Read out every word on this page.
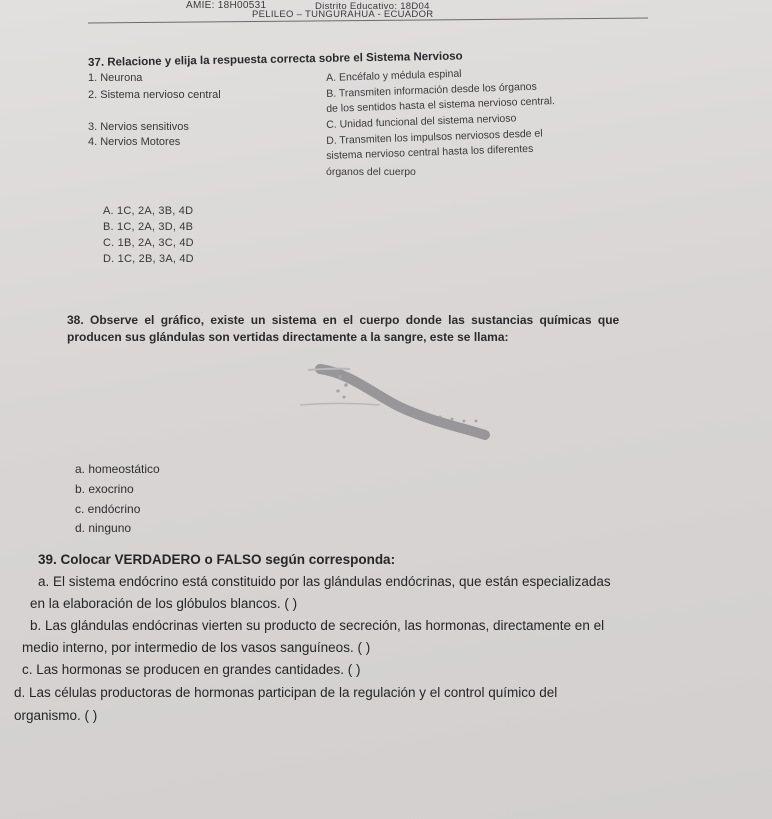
AMIE: 18H00531	Distrito Educativo: 18D04
PELILEO – TUNGURAHUA - ECUADOR
37. Relacione y elija la respuesta correcta sobre el Sistema Nervioso
1. Neurona
2. Sistema nervioso central
3. Nervios sensitivos
4. Nervios Motores
A. Encéfalo y médula espinal
B. Transmiten información desde los órganos
de los sentidos hasta el sistema nervioso central.
C. Unidad funcional del sistema nervioso
D. Transmiten los impulsos nerviosos desde el
sistema nervioso central hasta los diferentes
órganos del cuerpo
A. 1C, 2A, 3B, 4D
B. 1C, 2A, 3D, 4B
C. 1B, 2A, 3C, 4D
D. 1C, 2B, 3A, 4D
38. Observe el gráfico, existe un sistema en el cuerpo donde las sustancias químicas que
producen sus glándulas son vertidas directamente a la sangre, este se llama:
a. homeostático
b. exocrino
c. endócrino
d. ninguno
39. Colocar VERDADERO o FALSO según corresponda:
a. El sistema endócrino está constituido por las glándulas endócrinas, que están especializadas
en la elaboración de los glóbulos blancos. ( )
b. Las glándulas endócrinas vierten su producto de secreción, las hormonas, directamente en el
medio interno, por intermedio de los vasos sanguíneos. ( )
c. Las hormonas se producen en grandes cantidades. ( )
d. Las células productoras de hormonas participan de la regulación y el control químico del
organismo. ( )
